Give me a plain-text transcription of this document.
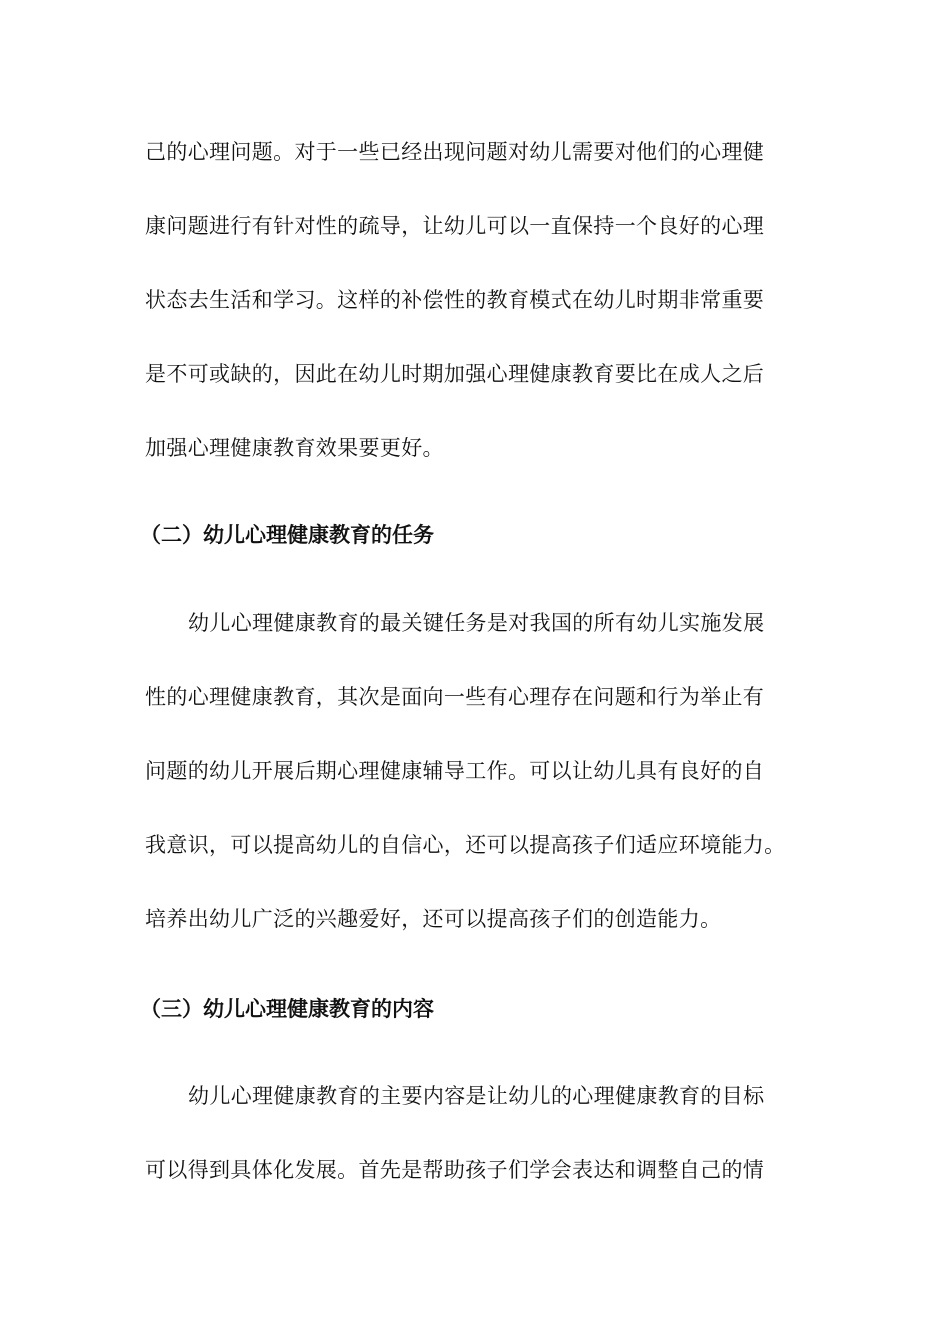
己的心理问题。对于一些已经出现问题对幼儿需要对他们的心理健
康问题进行有针对性的疏导，让幼儿可以一直保持一个良好的心理
状态去生活和学习。这样的补偿性的教育模式在幼儿时期非常重要
是不可或缺的，因此在幼儿时期加强心理健康教育要比在成人之后
加强心理健康教育效果要更好。
（二）幼儿心理健康教育的任务
幼儿心理健康教育的最关键任务是对我国的所有幼儿实施发展
性的心理健康教育，其次是面向一些有心理存在问题和行为举止有
问题的幼儿开展后期心理健康辅导工作。可以让幼儿具有良好的自
我意识，可以提高幼儿的自信心，还可以提高孩子们适应环境能力。
培养出幼儿广泛的兴趣爱好，还可以提高孩子们的创造能力。
（三）幼儿心理健康教育的内容
幼儿心理健康教育的主要内容是让幼儿的心理健康教育的目标
可以得到具体化发展。首先是帮助孩子们学会表达和调整自己的情
